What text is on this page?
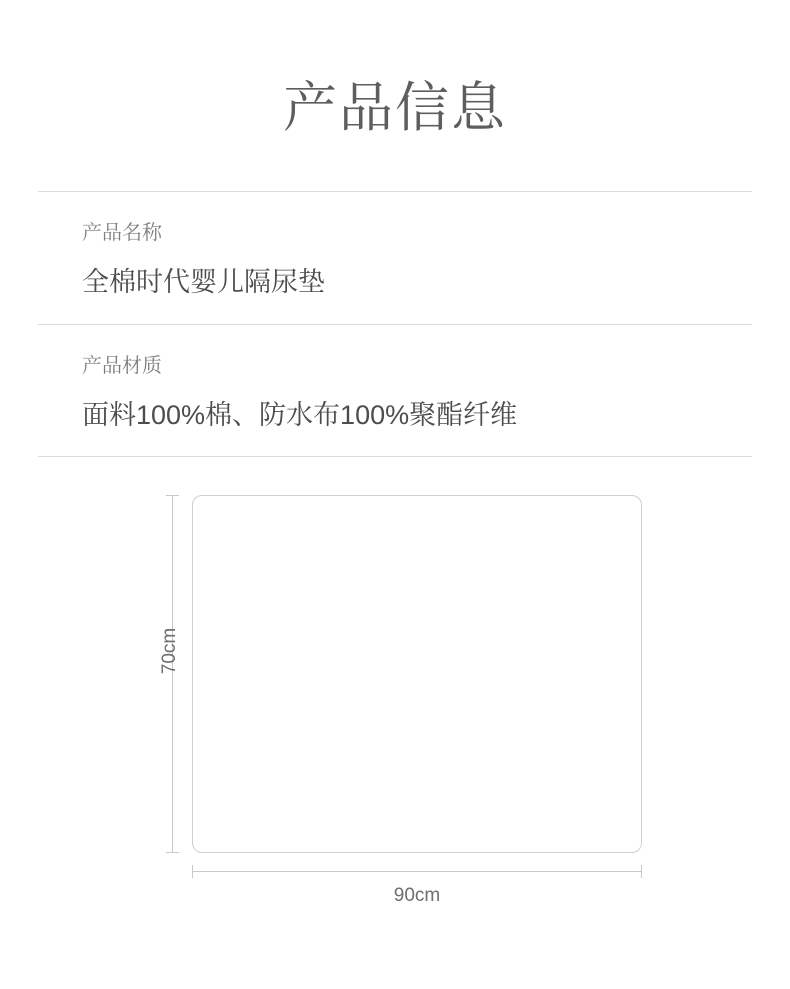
产品信息
产品名称
全棉时代婴儿隔尿垫
产品材质
面料100%棉、防水布100%聚酯纤维
70cm
90cm
